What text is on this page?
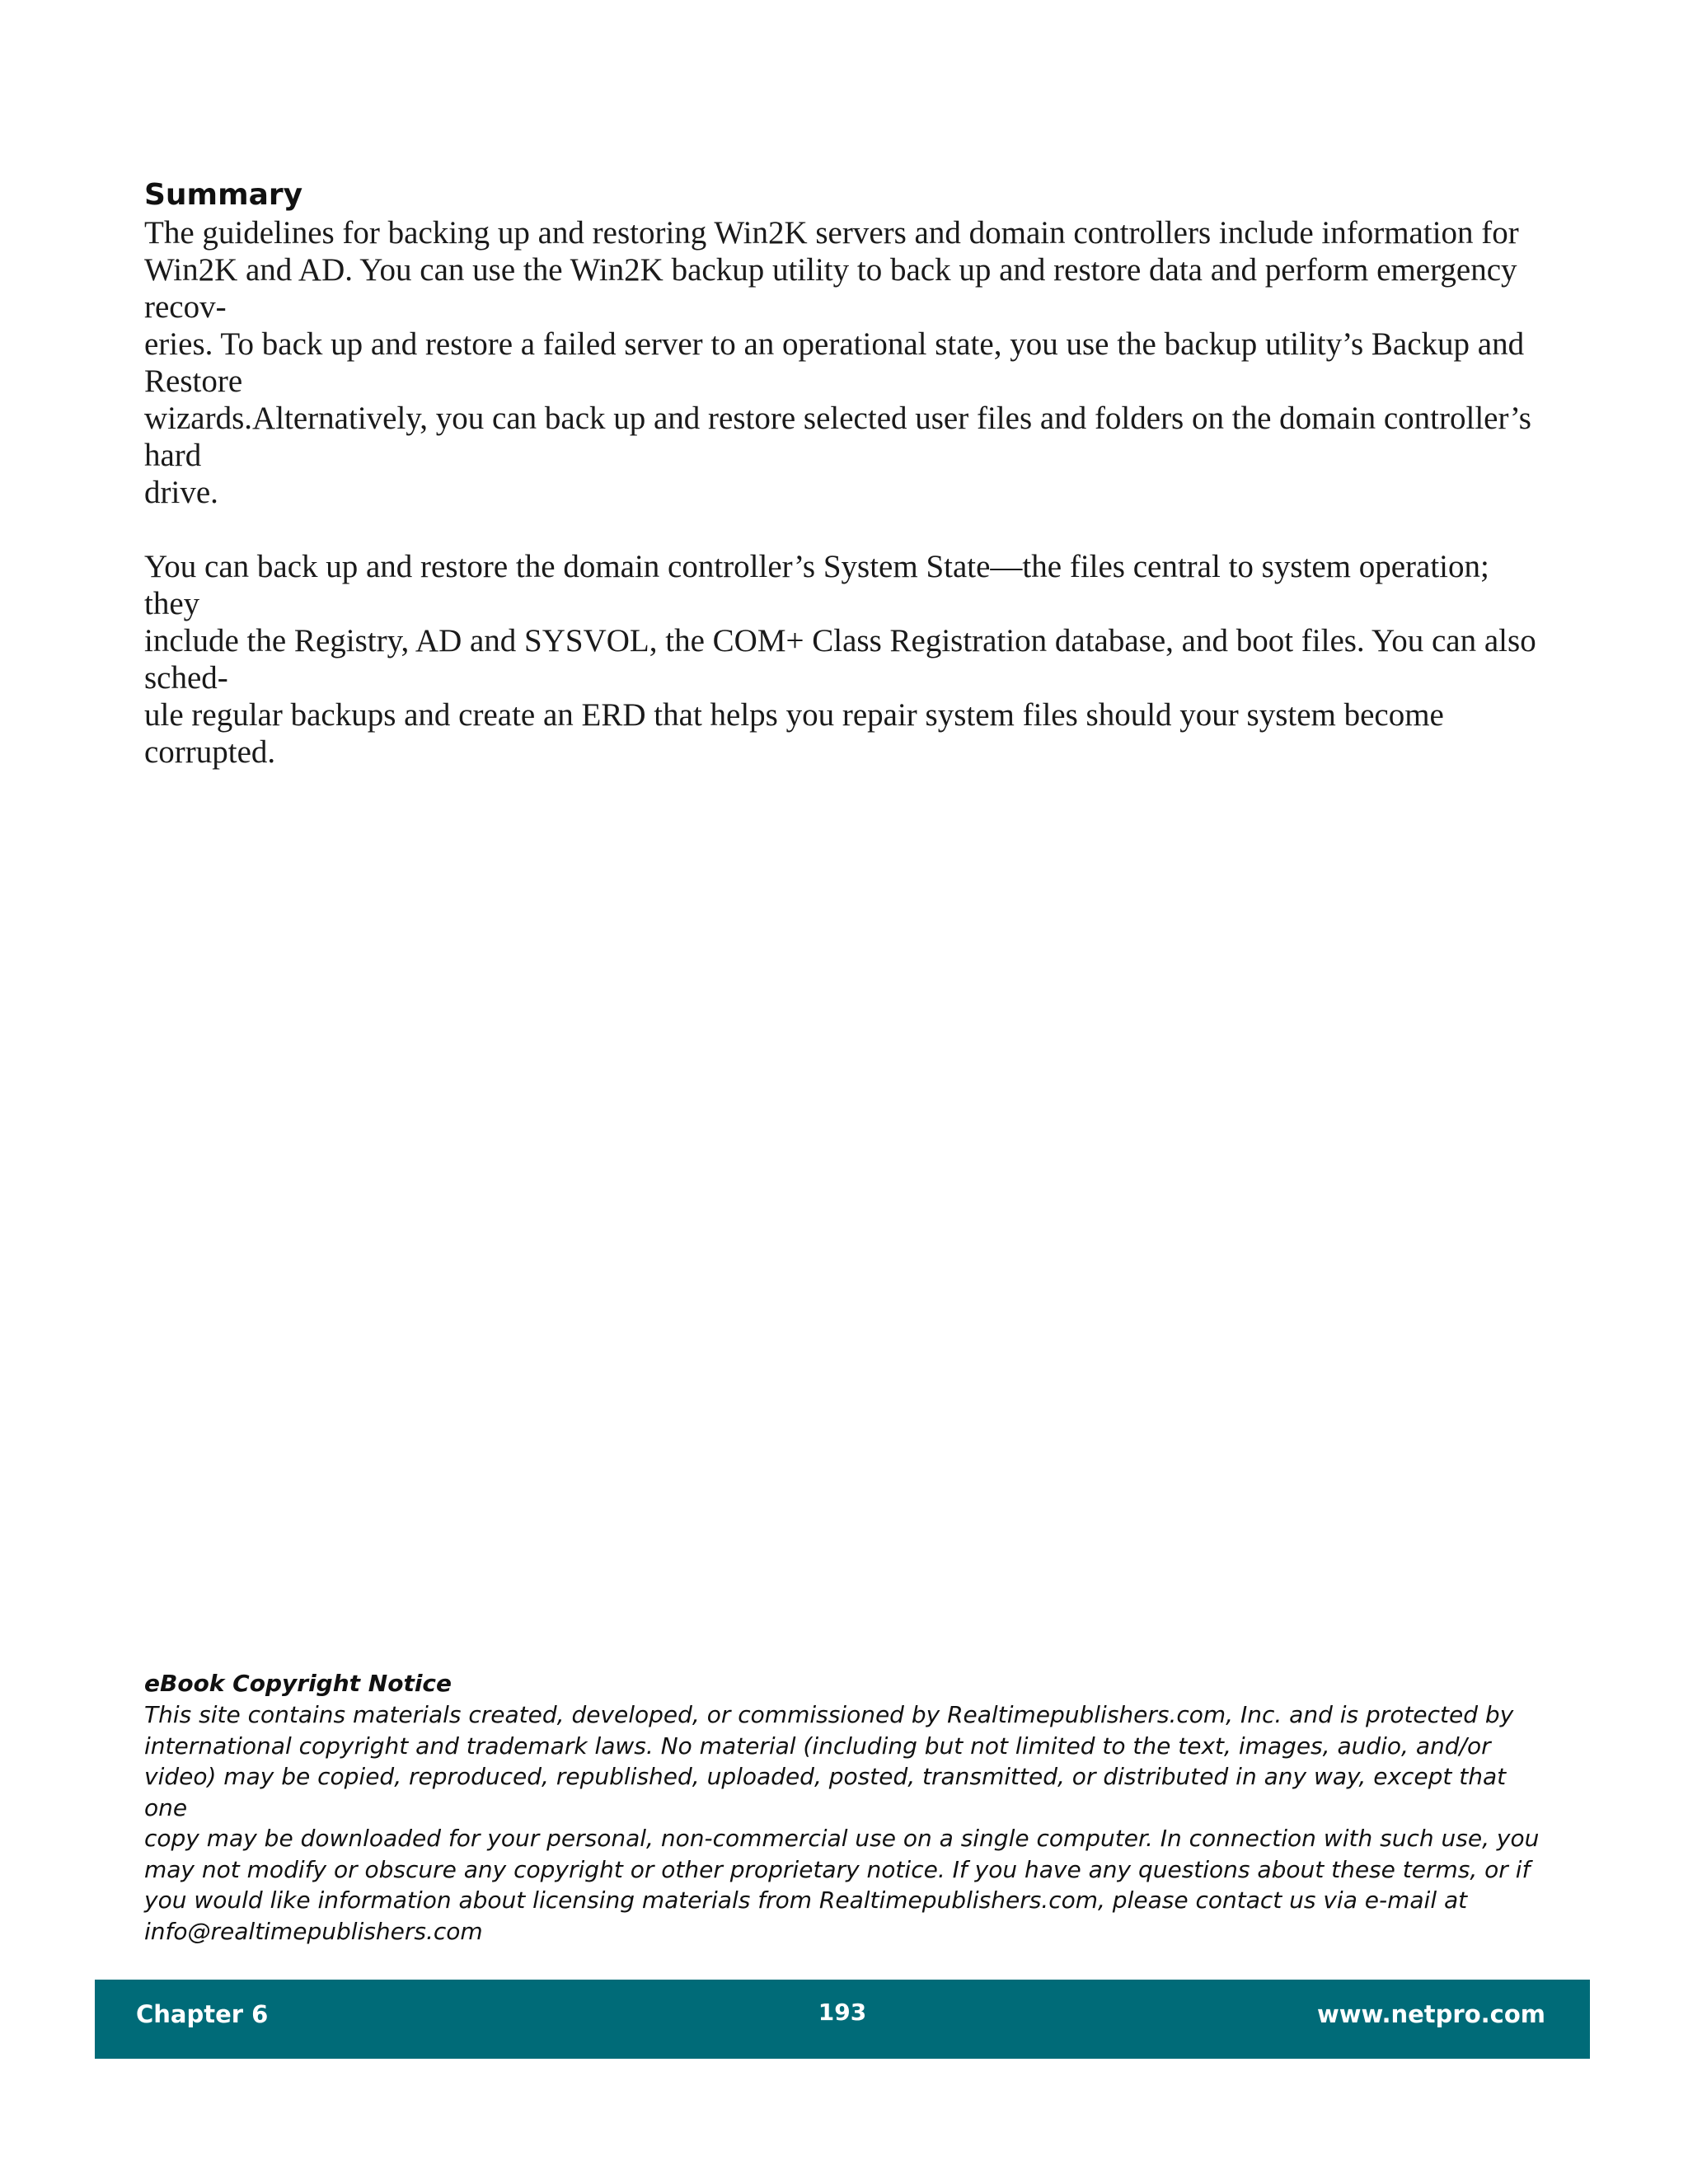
Summary
The guidelines for backing up and restoring Win2K servers and domain controllers include information for
Win2K and AD. You can use the Win2K backup utility to back up and restore data and perform emergency recov-
eries. To back up and restore a failed server to an operational state, you use the backup utility’s Backup and Restore
wizards.Alternatively, you can back up and restore selected user files and folders on the domain controller’s hard
drive.
You can back up and restore the domain controller’s System State—the files central to system operation; they
include the Registry, AD and SYSVOL, the COM+ Class Registration database, and boot files. You can also sched-
ule regular backups and create an ERD that helps you repair system files should your system become corrupted.
eBook Copyright Notice
This site contains materials created, developed, or commissioned by Realtimepublishers.com, Inc. and is protected by
international copyright and trademark laws. No material (including but not limited to the text, images, audio, and/or
video) may be copied, reproduced, republished, uploaded, posted, transmitted, or distributed in any way, except that one
copy may be downloaded for your personal, non-commercial use on a single computer. In connection with such use, you
may not modify or obscure any copyright or other proprietary notice. If you have any questions about these terms, or if
you would like information about licensing materials from Realtimepublishers.com, please contact us via e-mail at
info@realtimepublishers.com
Chapter 6	193	www.netpro.com
